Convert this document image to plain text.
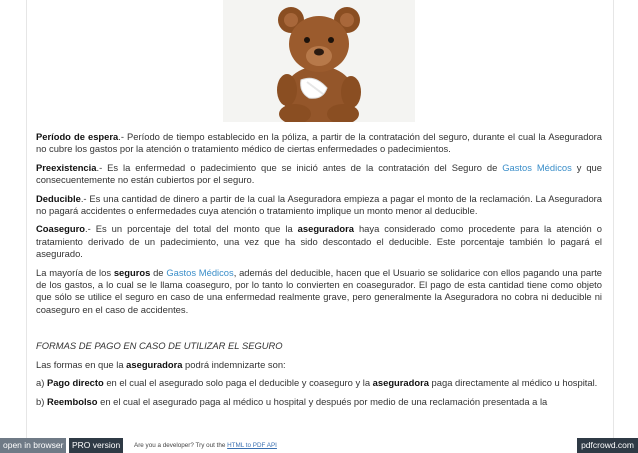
Período de espera.- Período de tiempo establecido en la póliza, a partir de la contratación del seguro, durante el cual la Aseguradora no cubre los gastos por la atención o tratamiento médico de ciertas enfermedades o padecimientos.

Preexistencia.- Es la enfermedad o padecimiento que se inició antes de la contratación del Seguro de Gastos Médicos y que consecuentemente no están cubiertos por el seguro.

Deducible.- Es una cantidad de dinero a partir de la cual la Aseguradora empieza a pagar el monto de la reclamación. La Aseguradora no pagará accidentes o enfermedades cuya atención o tratamiento implique un monto menor al deducible.

Coaseguro.- Es un porcentaje del total del monto que la aseguradora haya considerado como procedente para la atención o tratamiento derivado de un padecimiento, una vez que ha sido descontado el deducible. Este porcentaje también lo pagará el asegurado.

La mayoría de los seguros de Gastos Médicos, además del deducible, hacen que el Usuario se solidarice con ellos pagando una parte de los gastos, a lo cual se le llama coaseguro, por lo tanto lo convierten en coasegurador. El pago de esta cantidad tiene como objeto que sólo se utilice el seguro en caso de una enfermedad realmente grave, pero generalmente la Aseguradora no cobra ni deducible ni coaseguro en el caso de accidentes.

FORMAS DE PAGO EN CASO DE UTILIZAR EL SEGURO

Las formas en que la aseguradora podrá indemnizarte son:

a) Pago directo en el cual el asegurado solo paga el deducible y coaseguro y la aseguradora paga directamente al médico u hospital.

b) Reembolso en el cual el asegurado paga al médico u hospital y después por medio de una reclamación presentada a la

open in browser	PRO version	Are you a developer? Try out the HTML to PDF API	pdfcrowd.com
